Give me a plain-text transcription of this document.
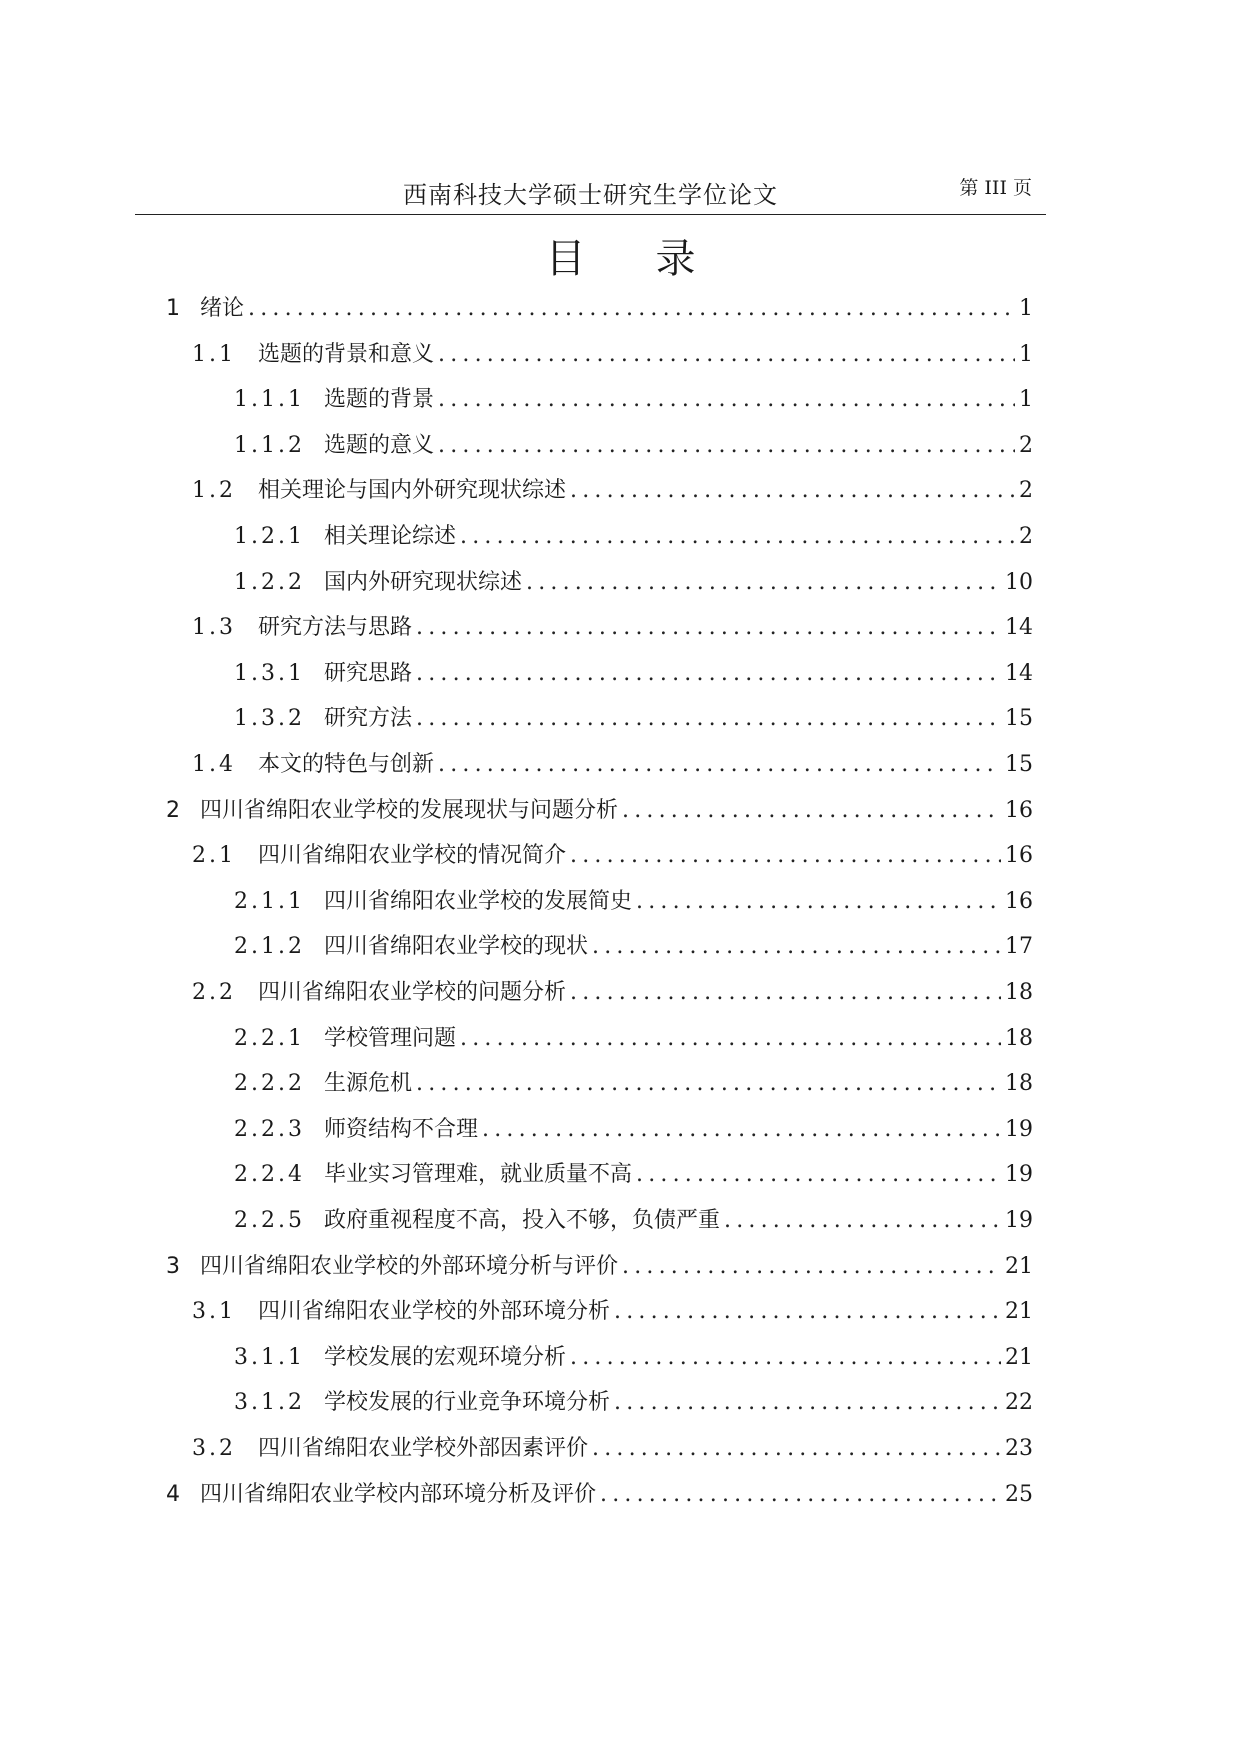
西南科技大学硕士研究生学位论文	第 III 页
目录
1 绪论 .....	1
1.1	选题的背景和意义 .....	1
1.1.1 选题的背景 .....	1
1.1.2 选题的意义 .....	2
1.2	相关理论与国内外研究现状综述 .....	2
1.2.1 相关理论综述 .....	2
1.2.2 国内外研究现状综述 .....	10
1.3	研究方法与思路 .....	14
1.3.1 研究思路 .....	14
1.3.2 研究方法 .....	15
1.4	本文的特色与创新 .....	15
2 四川省绵阳农业学校的发展现状与问题分析 .....	16
2.1	四川省绵阳农业学校的情况简介 .....	16
2.1.1 四川省绵阳农业学校的发展简史 .....	16
2.1.2 四川省绵阳农业学校的现状 .....	17
2.2	四川省绵阳农业学校的问题分析 .....	18
2.2.1 学校管理问题 .....	18
2.2.2 生源危机 .....	18
2.2.3 师资结构不合理 .....	19
2.2.4 毕业实习管理难，就业质量不高 .....	19
2.2.5 政府重视程度不高，投入不够，负债严重 .....	19
3 四川省绵阳农业学校的外部环境分析与评价 .....	21
3.1	四川省绵阳农业学校的外部环境分析 .....	21
3.1.1 学校发展的宏观环境分析 .....	21
3.1.2 学校发展的行业竞争环境分析 .....	22
3.2	四川省绵阳农业学校外部因素评价 .....	23
4 四川省绵阳农业学校内部环境分析及评价 .....	25
